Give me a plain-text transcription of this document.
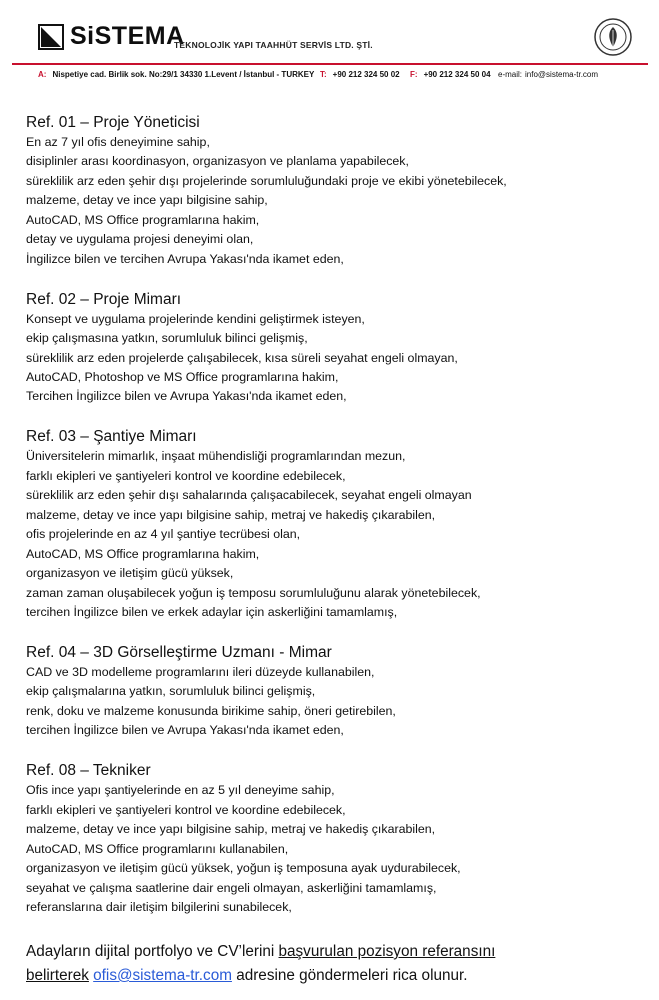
SiSTEMA
TEKNOLOJİK YAPI TAAHHÜT SERVİS LTD. ŞTİ.
A: Nispetiye cad. Birlik sok. No:29/1 34330 1.Levent / İstanbul - TURKEY T: +90 212 324 50 02 F: +90 212 324 50 04 e-mail: info@sistema-tr.com
Ref. 01 – Proje Yöneticisi
En az 7 yıl ofis deneyimine sahip,
disiplinler arası koordinasyon, organizasyon ve planlama yapabilecek,
süreklilik arz eden şehir dışı projelerinde sorumluluğundaki proje ve ekibi yönetebilecek,
malzeme, detay ve ince yapı bilgisine sahip,
AutoCAD, MS Office programlarına hakim,
detay ve uygulama projesi deneyimi olan,
İngilizce bilen ve tercihen Avrupa Yakası'nda ikamet eden,
Ref. 02 – Proje Mimarı
Konsept ve uygulama projelerinde kendini geliştirmek isteyen,
ekip çalışmasına yatkın, sorumluluk bilinci gelişmiş,
süreklilik arz eden projelerde çalışabilecek, kısa süreli seyahat engeli olmayan,
AutoCAD, Photoshop ve MS Office programlarına hakim,
Tercihen İngilizce bilen ve Avrupa Yakası'nda ikamet eden,
Ref. 03 – Şantiye Mimarı
Üniversitelerin mimarlık, inşaat mühendisliği programlarından mezun,
farklı ekipleri ve şantiyeleri kontrol ve koordine edebilecek,
süreklilik arz eden şehir dışı sahalarında çalışacabilecek, seyahat engeli olmayan
malzeme, detay ve ince yapı bilgisine sahip, metraj ve hakediş çıkarabilen,
ofis projelerinde en az 4 yıl şantiye tecrübesi olan,
AutoCAD, MS Office programlarına hakim,
organizasyon ve iletişim gücü yüksek,
zaman zaman oluşabilecek yoğun iş temposu sorumluluğunu alarak yönetebilecek,
tercihen İngilizce bilen ve erkek adaylar için askerliğini tamamlamış,
Ref. 04 – 3D Görselleştirme Uzmanı - Mimar
CAD ve 3D modelleme programlarını ileri düzeyde kullanabilen,
ekip çalışmalarına yatkın, sorumluluk bilinci gelişmiş,
renk, doku ve malzeme konusunda birikime sahip, öneri getirebilen,
tercihen İngilizce bilen ve Avrupa Yakası'nda ikamet eden,
Ref. 08 – Tekniker
Ofis ince yapı şantiyelerinde en az 5 yıl deneyime sahip,
farklı ekipleri ve şantiyeleri kontrol ve koordine edebilecek,
malzeme, detay ve ince yapı bilgisine sahip, metraj ve hakediş çıkarabilen,
AutoCAD, MS Office programlarını kullanabilen,
organizasyon ve iletişim gücü yüksek, yoğun iş temposuna ayak uydurabilecek,
seyahat ve çalışma saatlerine dair engeli olmayan, askerliğini tamamlamış,
referanslarına dair iletişim bilgilerini sunabilecek,
Adayların dijital portfolyo ve CV’lerini başvurulan pozisyon referansını
belirterek ofis@sistema-tr.com adresine göndermeleri rica olunur.
